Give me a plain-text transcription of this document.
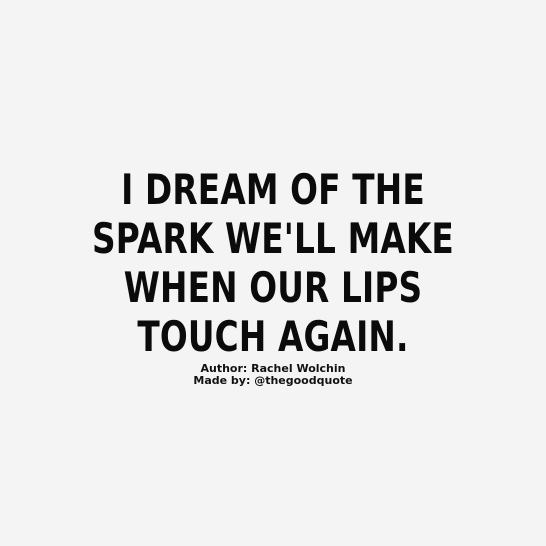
I DREAM OF THE
SPARK WE'LL MAKE
WHEN OUR LIPS
TOUCH AGAIN.
Author: Rachel Wolchin
Made by: @thegoodquote
